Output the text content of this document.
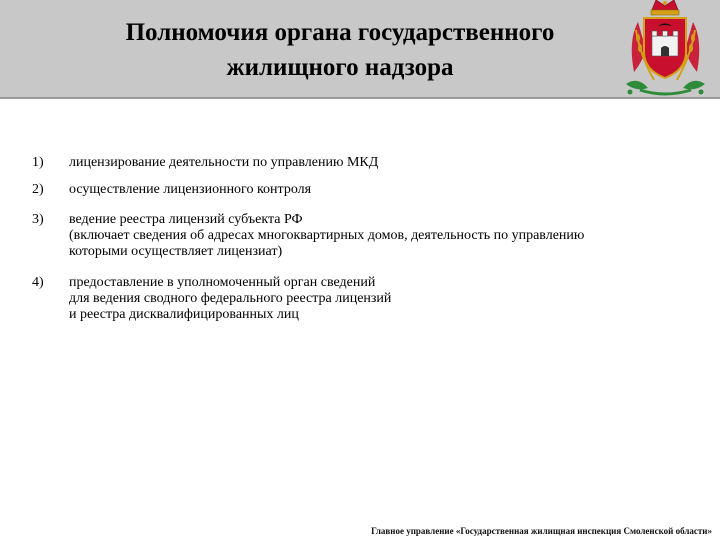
Полномочия органа государственного
жилищного надзора
1)	лицензирование деятельности по управлению МКД
2)	осуществление лицензионного контроля
3)	ведение реестра лицензий субъекта РФ
(включает сведения об адресах многоквартирных домов, деятельность по управлению
которыми осуществляет лицензиат)
4)	предоставление в уполномоченный орган сведений
для ведения сводного федерального реестра лицензий
и реестра дисквалифицированных лиц
Главное управление «Государственная жилищная инспекция Смоленской области»
